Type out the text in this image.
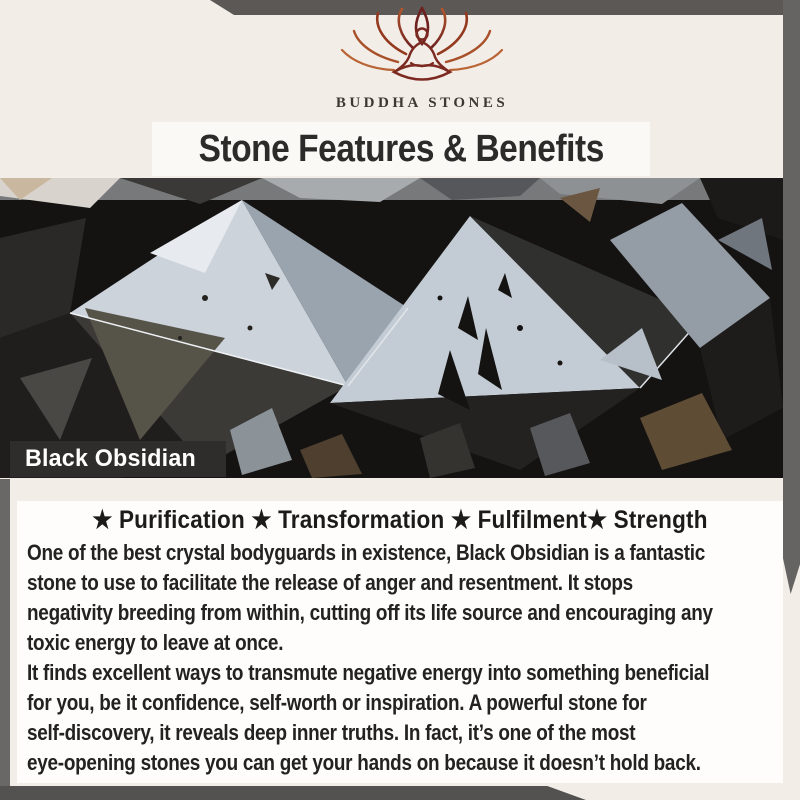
BUDDHA STONES
Stone Features & Benefits
Black Obsidian
★ Purification ★ Transformation ★ Fulfilment★ Strength
One of the best crystal bodyguards in existence, Black Obsidian is a fantastic
stone to use to facilitate the release of anger and resentment. It stops
negativity breeding from within, cutting off its life source and encouraging any
toxic energy to leave at once.
It finds excellent ways to transmute negative energy into something beneficial
for you, be it confidence, self-worth or inspiration. A powerful stone for
self-discovery, it reveals deep inner truths. In fact, it’s one of the most
eye-opening stones you can get your hands on because it doesn’t hold back.
